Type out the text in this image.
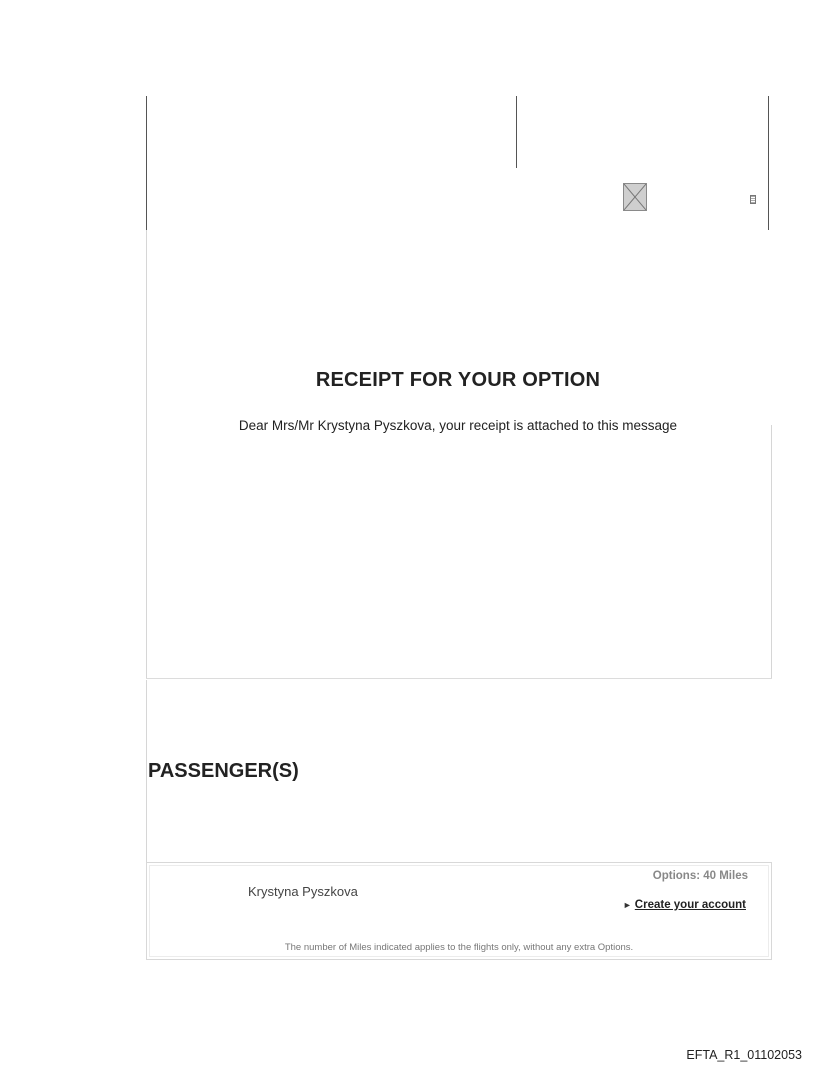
RECEIPT FOR YOUR OPTION
Dear Mrs/Mr Krystyna Pyszkova, your receipt is attached to this message
PASSENGER(S)
Krystyna Pyszkova
Options: 40 Miles
► Create your account
The number of Miles indicated applies to the flights only, without any extra Options.
EFTA_R1_01102053
